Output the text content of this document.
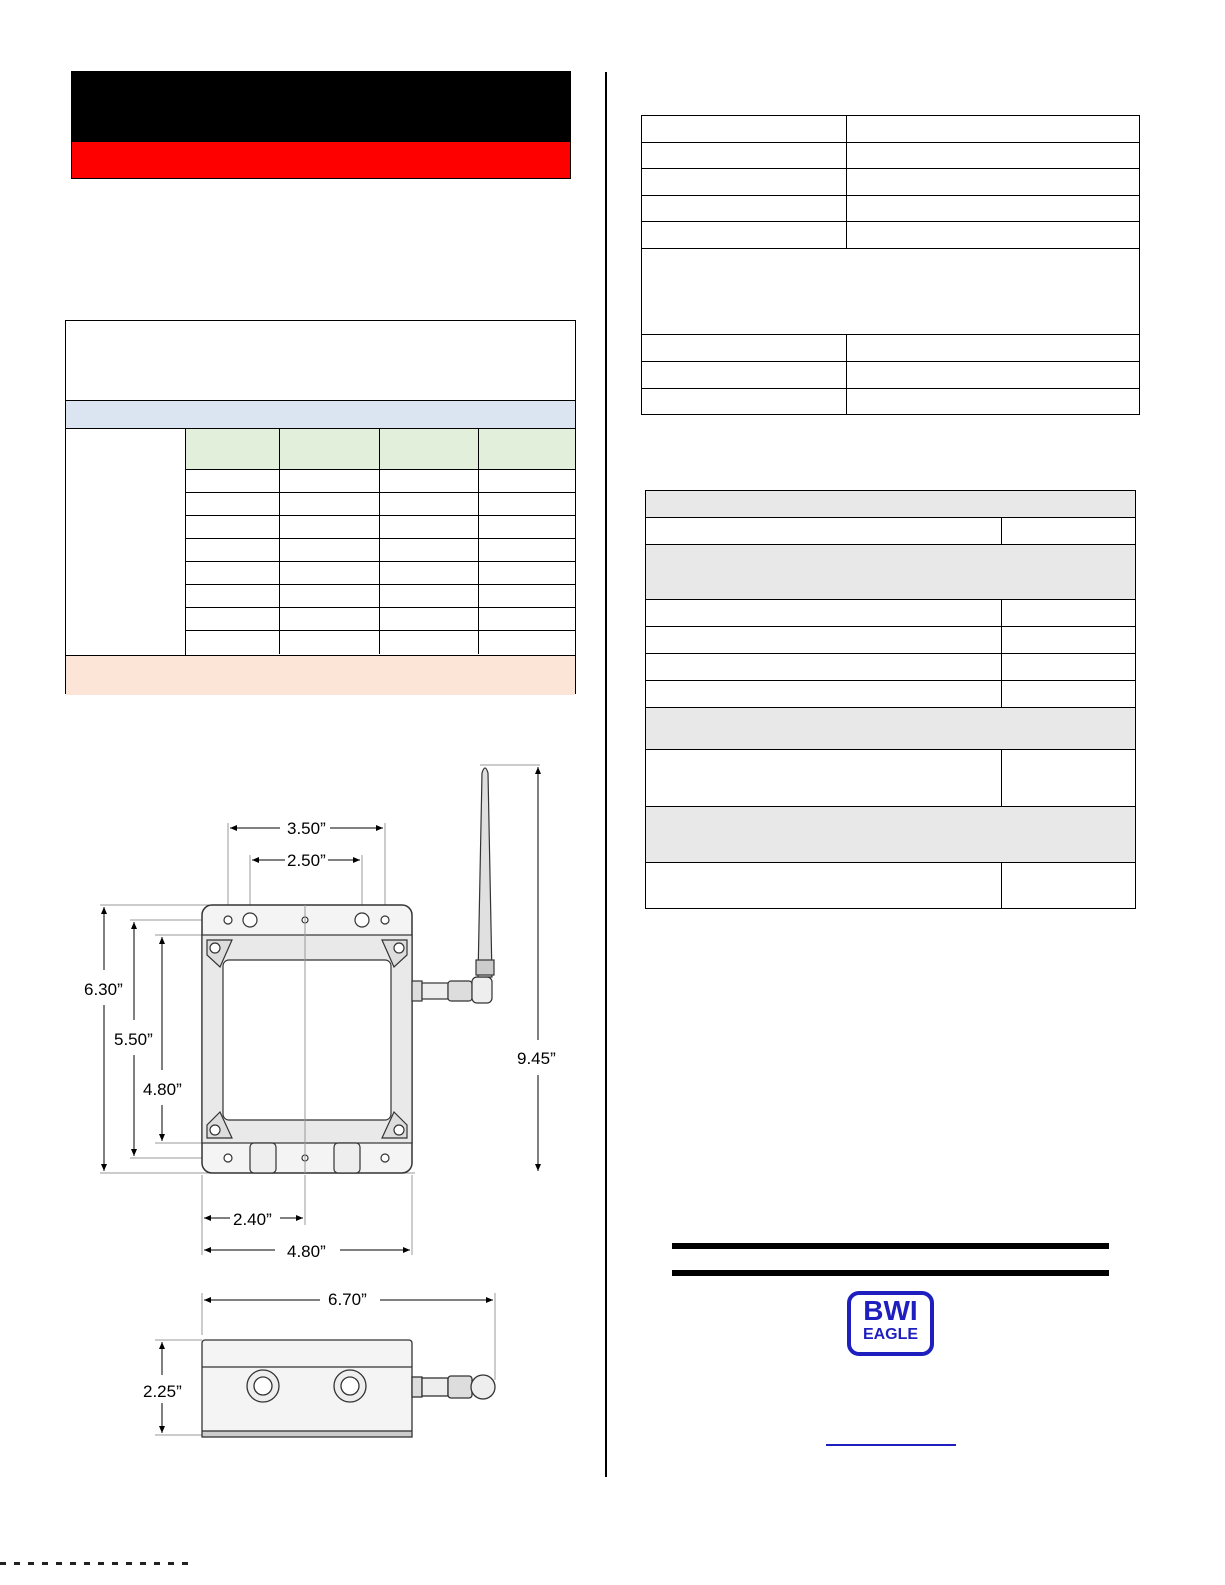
3.50”
2.50”
6.30”
5.50”
4.80”
9.45”
2.40”
4.80”
6.70”
2.25”
BWI
EAGLE
